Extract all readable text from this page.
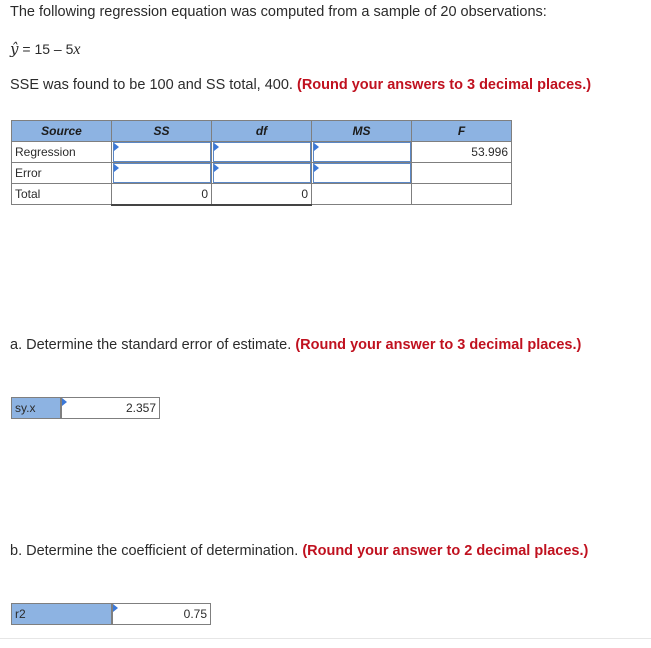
The following regression equation was computed from a sample of 20 observations:
ŷ = 15 – 5x
SSE was found to be 100 and SS total, 400. (Round your answers to 3 decimal places.)
Source	SS	df	MS	F
Regression				53.996
Error	

Total	0	0		
a. Determine the standard error of estimate. (Round your answer to 3 decimal places.)
sy.x	2.357
b. Determine the coefficient of determination. (Round your answer to 2 decimal places.)
r2	0.75
